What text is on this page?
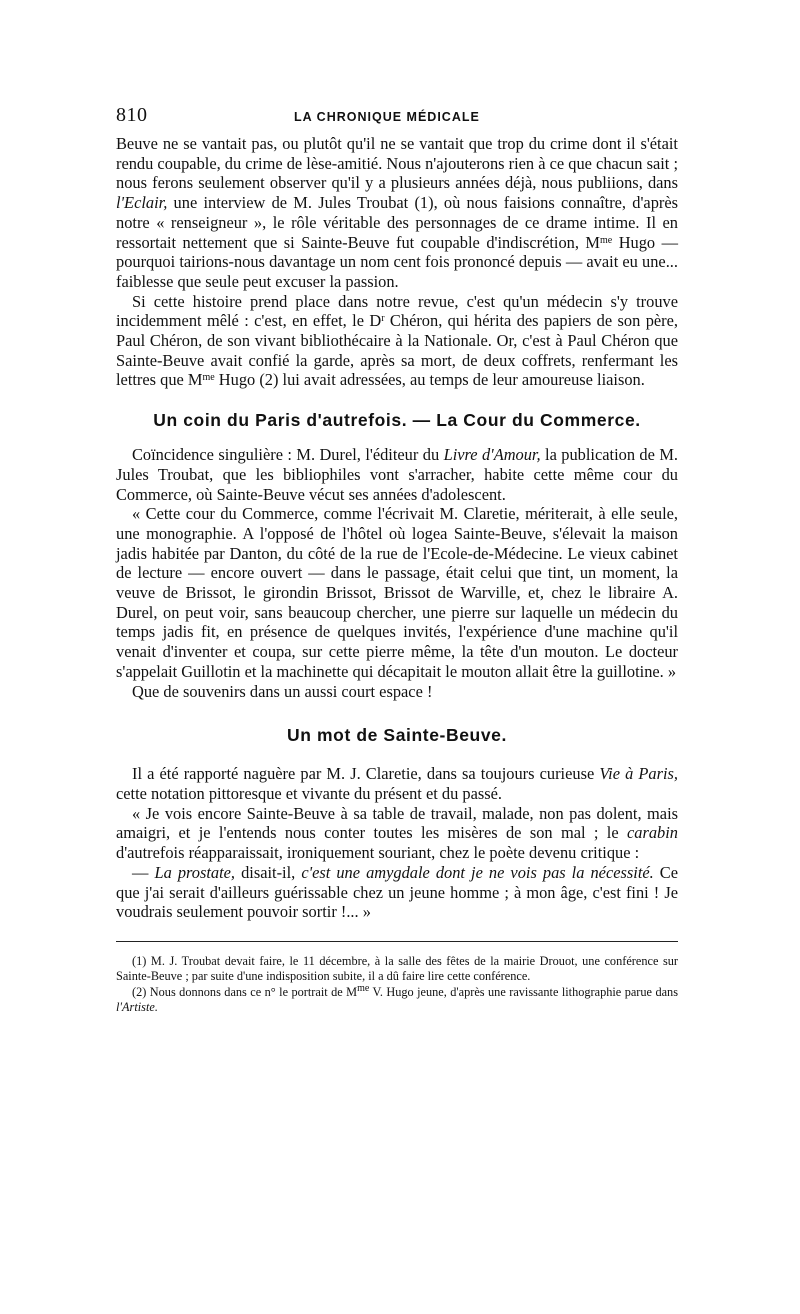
810	LA CHRONIQUE MÉDICALE

Beuve ne se vantait pas, ou plutôt qu'il ne se vantait que trop du crime dont il s'était rendu coupable, du crime de lèse-amitié. Nous n'ajouterons rien à ce que chacun sait ; nous ferons seulement observer qu'il y a plusieurs années déjà, nous publiions, dans l'Eclair, une interview de M. Jules Troubat (1), où nous faisions connaître, d'après notre « renseigneur », le rôle véritable des personnages de ce drame intime. Il en ressortait nettement que si Sainte-Beuve fut coupable d'indiscrétion, $M^{me}$ Hugo — pourquoi tairions-nous davantage un nom cent fois prononcé depuis — avait eu une... faiblesse que seule peut excuser la passion.

Si cette histoire prend place dans notre revue, c'est qu'un médecin s'y trouve incidemment mêlé : c'est, en effet, le $D^r$ Chéron, qui hérita des papiers de son père, Paul Chéron, de son vivant bibliothécaire à la Nationale. Or, c'est à Paul Chéron que Sainte-Beuve avait confié la garde, après sa mort, de deux coffrets, renfermant les lettres que $M^{me}$ Hugo (2) lui avait adressées, au temps de leur amoureuse liaison.

Un coin du Paris d'autrefois. — La Cour du Commerce.

Coïncidence singulière : M. Durel, l'éditeur du Livre d'Amour, la publication de M. Jules Troubat, que les bibliophiles vont s'arracher, habite cette même cour du Commerce, où Sainte-Beuve vécut ses années d'adolescent.

« Cette cour du Commerce, comme l'écrivait M. Claretie, mériterait, à elle seule, une monographie. A l'opposé de l'hôtel où logea Sainte-Beuve, s'élevait la maison jadis habitée par Danton, du côté de la rue de l'Ecole-de-Médecine. Le vieux cabinet de lecture — encore ouvert — dans le passage, était celui que tint, un moment, la veuve de Brissot, le girondin Brissot, Brissot de Warville, et, chez le libraire A. Durel, on peut voir, sans beaucoup chercher, une pierre sur laquelle un médecin du temps jadis fit, en présence de quelques invités, l'expérience d'une machine qu'il venait d'inventer et coupa, sur cette pierre même, la tête d'un mouton. Le docteur s'appelait Guillotin et la machinette qui décapitait le mouton allait être la guillotine. »

Que de souvenirs dans un aussi court espace !

Un mot de Sainte-Beuve.

Il a été rapporté naguère par M. J. Claretie, dans sa toujours curieuse Vie à Paris, cette notation pittoresque et vivante du présent et du passé.

« Je vois encore Sainte-Beuve à sa table de travail, malade, non pas dolent, mais amaigri, et je l'entends nous conter toutes les misères de son mal ; le carabin d'autrefois réapparaissait, ironiquement souriant, chez le poète devenu critique :

— La prostate, disait-il, c'est une amygdale dont je ne vois pas la nécessité. Ce que j'ai serait d'ailleurs guérissable chez un jeune homme ; à mon âge, c'est fini ! Je voudrais seulement pouvoir sortir !... »

(1) M. J. Troubat devait faire, le 11 décembre, à la salle des fêtes de la mairie Drouot, une conférence sur Sainte-Beuve ; par suite d'une indisposition subite, il a dû faire lire cette conférence.

(2) Nous donnons dans ce n° le portrait de $M^{me}$ V. Hugo jeune, d'après une ravissante lithographie parue dans l'Artiste.
